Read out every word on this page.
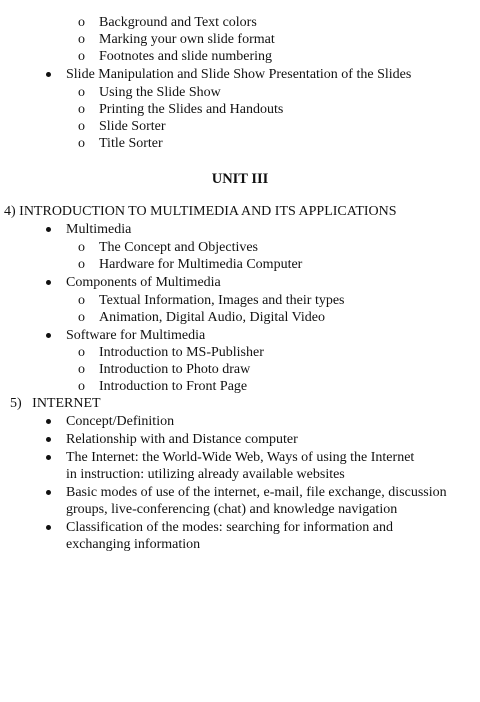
o Background and Text colors
o Marking your own slide format
o Footnotes and slide numbering
Slide Manipulation and Slide Show Presentation of the Slides
o Using the Slide Show
o Printing the Slides and Handouts
o Slide Sorter
o Title Sorter
UNIT III
4) INTRODUCTION TO MULTIMEDIA AND ITS APPLICATIONS
Multimedia
o The Concept and Objectives
o Hardware for Multimedia Computer
Components of Multimedia
o Textual Information, Images and their types
o Animation, Digital Audio, Digital Video
Software for Multimedia
o Introduction to MS-Publisher
o Introduction to Photo draw
o Introduction to Front Page
5)   INTERNET
Concept/Definition
Relationship with and Distance computer
The Internet: the World-Wide Web, Ways of using the Internet
in instruction: utilizing already available websites
Basic modes of use of the internet, e-mail, file exchange, discussion
groups, live-conferencing (chat) and knowledge navigation
Classification of the modes: searching for information and
exchanging information
